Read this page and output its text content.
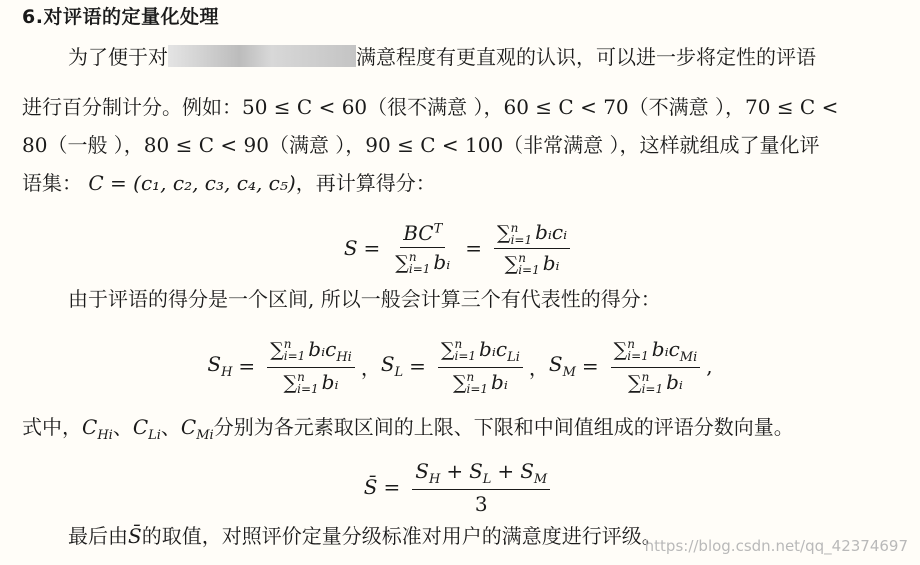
6.对评语的定量化处理
为了便于对	满意程度有更直观的认识，可以进一步将定性的评语
进行百分制计分。例如：50 ≤ C < 60（很不满意 ），60 ≤ C < 70（不满意 ），70 ≤ C <
80（一般 ），80 ≤ C < 90（满意 ），90 ≤ C < 100（非常满意 ），这样就组成了量化评
语集： C = (c₁, c₂, c₃, c₄, c₅)，再计算得分：
$S = BC^T$
∑ n
i=1 bᵢ = ∑ n
i=1 bᵢcᵢ
∑ n
i=1 bᵢ
由于评语的得分是一个区间, 所以一般会计算三个有代表性的得分：
$S_H$ = ∑ n
i=1 bᵢc$_{Hi}$
∑ n
i=1 bᵢ ， $S_L$ = ∑ n
i=1 bᵢc$_{Li}$
∑ n
i=1 bᵢ ， $S_M$ = ∑ n
i=1 bᵢc$_{Mi}$
∑ n
i=1 bᵢ ,
式中，$C_{Hi}$、$C_{Li}$、$C_{Mi}$分别为各元素取区间的上限、下限和中间值组成的评语分数向量。
S̄ = $\frac{S_H + S_L + S_M}{3}$
最后由S̄的取值，对照评价定量分级标准对用户的满意度进行评级。
https://blog.csdn.net/qq_42374697
